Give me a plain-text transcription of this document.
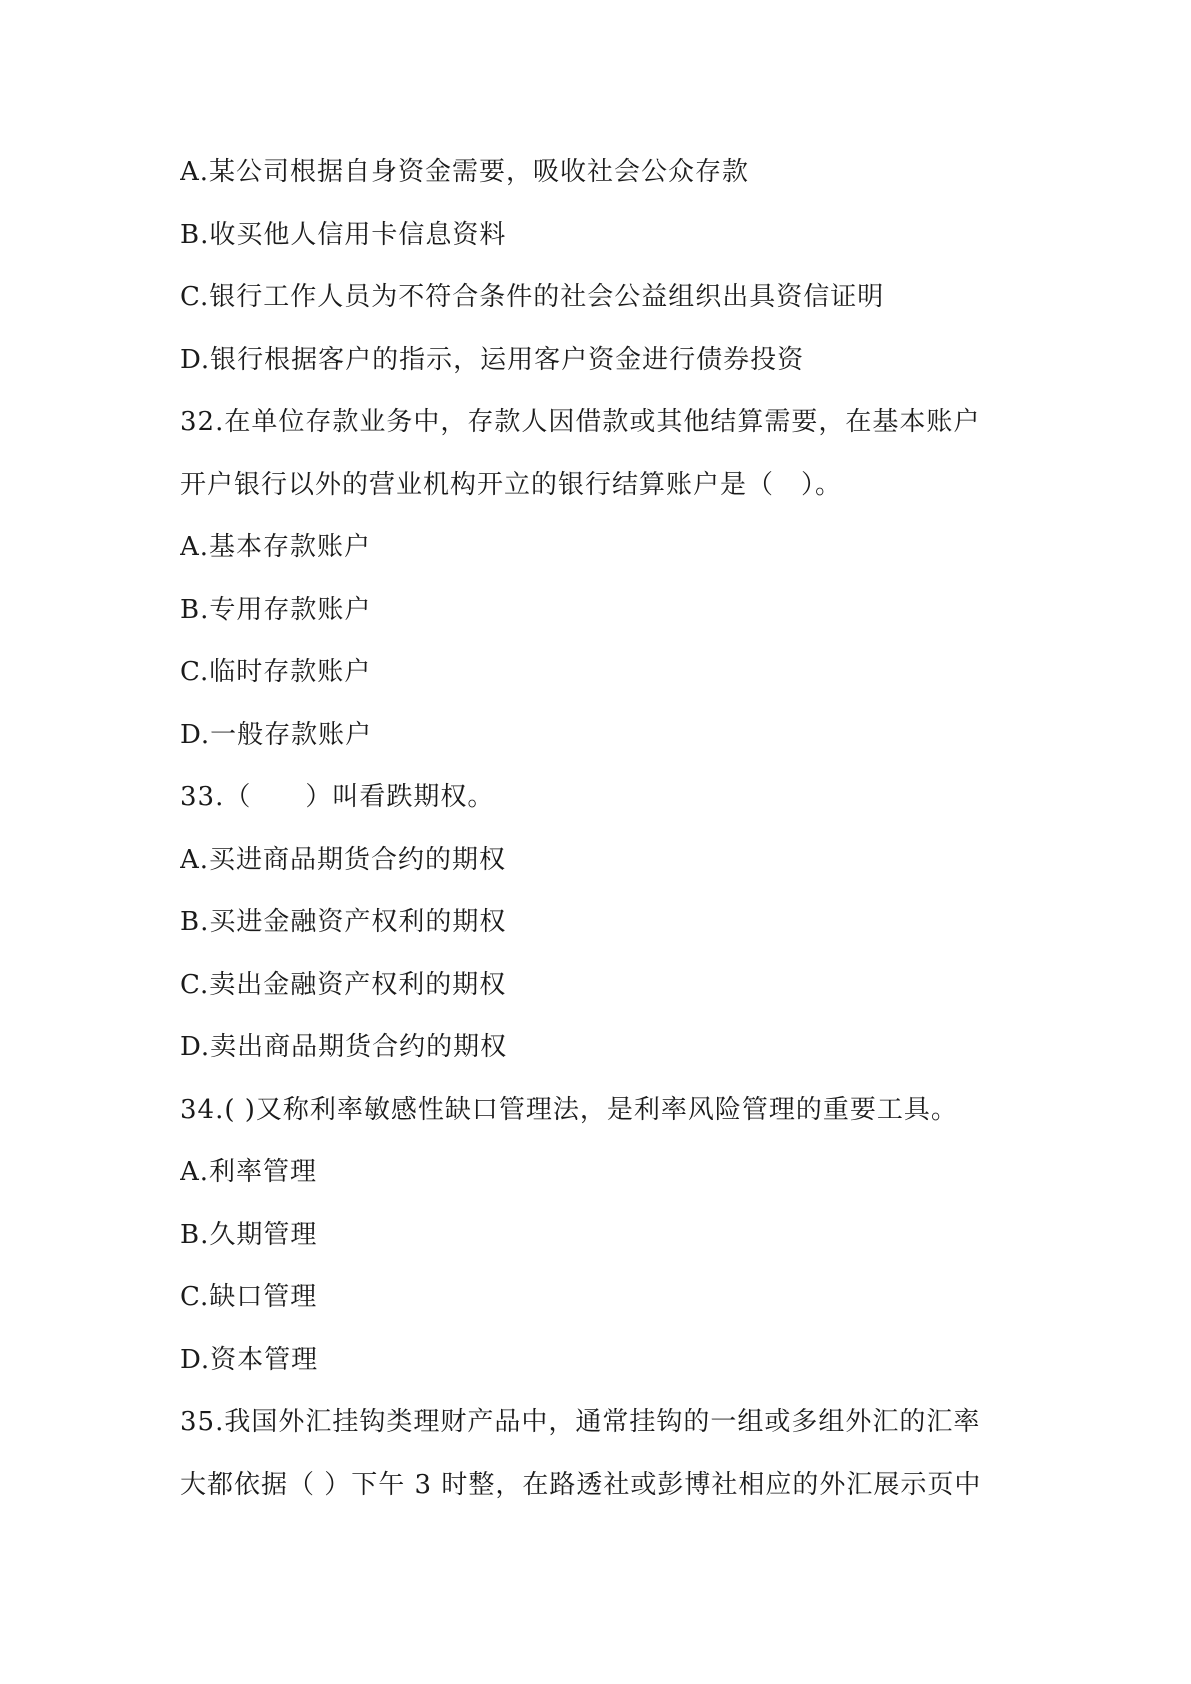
A.某公司根据自身资金需要，吸收社会公众存款
B.收买他人信用卡信息资料
C.银行工作人员为不符合条件的社会公益组织出具资信证明
D.银行根据客户的指示，运用客户资金进行债券投资
32.在单位存款业务中，存款人因借款或其他结算需要，在基本账户
开户银行以外的营业机构开立的银行结算账户是（　）。
A.基本存款账户
B.专用存款账户
C.临时存款账户
D.一般存款账户
33.（　　）叫看跌期权。
A.买进商品期货合约的期权
B.买进金融资产权利的期权
C.卖出金融资产权利的期权
D.卖出商品期货合约的期权
34.( )又称利率敏感性缺口管理法，是利率风险管理的重要工具。
A.利率管理
B.久期管理
C.缺口管理
D.资本管理
35.我国外汇挂钩类理财产品中，通常挂钩的一组或多组外汇的汇率
大都依据（ ）下午 3 时整，在路透社或彭博社相应的外汇展示页中
